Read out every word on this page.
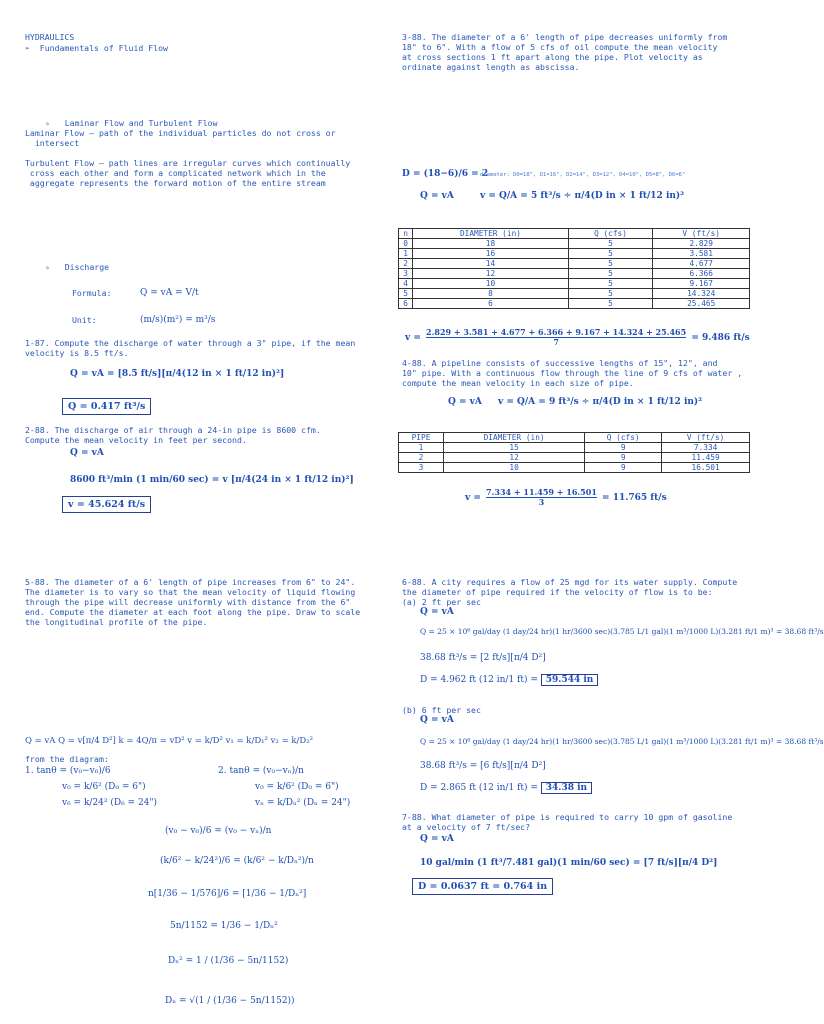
HYDRAULICS
➢  Fundamentals of Fluid Flow
✧   Laminar Flow and Turbulent Flow
Laminar Flow – path of the individual particles do not cross or
intersect
Turbulent Flow – path lines are irregular curves which continually
cross each other and form a complicated network which in the
aggregate represents the forward motion of the entire stream
✧   Discharge
Formula:	Q = vA = V/t
Unit:	(m/s)(m²) = m³/s
1-87. Compute the discharge of water through a 3" pipe, if the mean
velocity is 8.5 ft/s.
Q = vA = [8.5 ft/s][π/4(12 in × 1 ft/12 in)²]
Q = 0.417 ft³/s
2-88. The discharge of air through a 24-in pipe is 8600 cfm.
Compute the mean velocity in feet per second.
Q = vA
8600 ft³/min (1 min/60 sec) = v [π/4(24 in × 1 ft/12 in)²]
v = 45.624 ft/s
3-88. The diameter of a 6' length of pipe decreases uniformly from
18" to 6". With a flow of 5 cfs of oil compute the mean velocity
at cross sections 1 ft apart along the pipe. Plot velocity as
ordinate against length as abscissa.
D = (18−6)/6 = 2
diameter: D0=18", D1=16", D2=14", D3=12", D4=10", D5=8", D6=6"
Q = vA	v = Q/A = 5 ft³/s ÷ π/4(D in × 1 ft/12 in)²
n	DIAMETER (in)	Q (cfs)	V (ft/s)
0	18	5	2.829
1	16	5	3.581
2	14	5	4.677
3	12	5	6.366
4	10	5	9.167
5	8	5	14.324
6	6	5	25.465
$v = \frac{2.829 + 3.581 + 4.677 + 6.366 + 9.167 + 14.324 + 25.465}{7} = 9.486$ ft/s
4-88. A pipeline consists of successive lengths of 15", 12", and
10" pipe. With a continuous flow through the line of 9 cfs of water ,
compute the mean velocity in each size of pipe.
Q = vA v = Q/A = 9 ft³/s ÷ π/4(D in × 1 ft/12 in)²
PIPE	DIAMETER (in)	Q (cfs)	V (ft/s)
1	15	9	7.334
2	12	9	11.459
3	10	9	16.501
$v = \frac{7.334 + 11.459 + 16.501}{3} = 11.765$ ft/s
5-88. The diameter of a 6' length of pipe increases from 6" to 24".
The diameter is to vary so that the mean velocity of liquid flowing
through the pipe will decrease uniformly with distance from the 6"
end. Compute the diameter at each foot along the pipe. Draw to scale
the longitudinal profile of the pipe.
Q = vA Q = v[π/4 D²] k = 4Q/π = vD² v = k/D² v₁ = k/D₁² v₂ = k/D₂²
from the diagram:
1. tanθ = (v₀−v₆)/6
v₀ = k/6² (D₀ = 6")
v₆ = k/24² (D₆ = 24")
2. tanθ = (v₀−vₙ)/n
v₀ = k/6² (D₀ = 6")
vₙ = k/Dₙ² (Dₙ = 24")
(v₀ − v₆)/6 = (v₀ − vₙ)/n
(k/6² − k/24²)/6 = (k/6² − k/Dₙ²)/n
n[1/36 − 1/576]/6 = [1/36 − 1/Dₙ²]
5n/1152 = 1/36 − 1/Dₙ²
Dₙ² = 1 / (1/36 − 5n/1152)
Dₙ = √(1 / (1/36 − 5n/1152))
6-88. A city requires a flow of 25 mgd for its water supply. Compute
the diameter of pipe required if the velocity of flow is to be:
(a) 2 ft per sec
Q = vA
Q = 25 × 10⁶ gal/day (1 day/24 hr)(1 hr/3600 sec)(3.785 L/1 gal)(1 m³/1000 L)(3.281 ft/1 m)³ = 38.68 ft³/s
38.68 ft³/s = [2 ft/s][π/4 D²]
D = 4.962 ft (12 in/1 ft) = 59.544 in
(b) 6 ft per sec
Q = vA
Q = 25 × 10⁶ gal/day (1 day/24 hr)(1 hr/3600 sec)(3.785 L/1 gal)(1 m³/1000 L)(3.281 ft/1 m)³ = 38.68 ft³/s
38.68 ft³/s = [6 ft/s][π/4 D²]
D = 2.865 ft (12 in/1 ft) = 34.38 in
7-88. What diameter of pipe is required to carry 10 gpm of gasoline
at a velocity of 7 ft/sec?
Q = vA
10 gal/min (1 ft³/7.481 gal)(1 min/60 sec) = [7 ft/s][π/4 D²]
D = 0.0637 ft = 0.764 in
